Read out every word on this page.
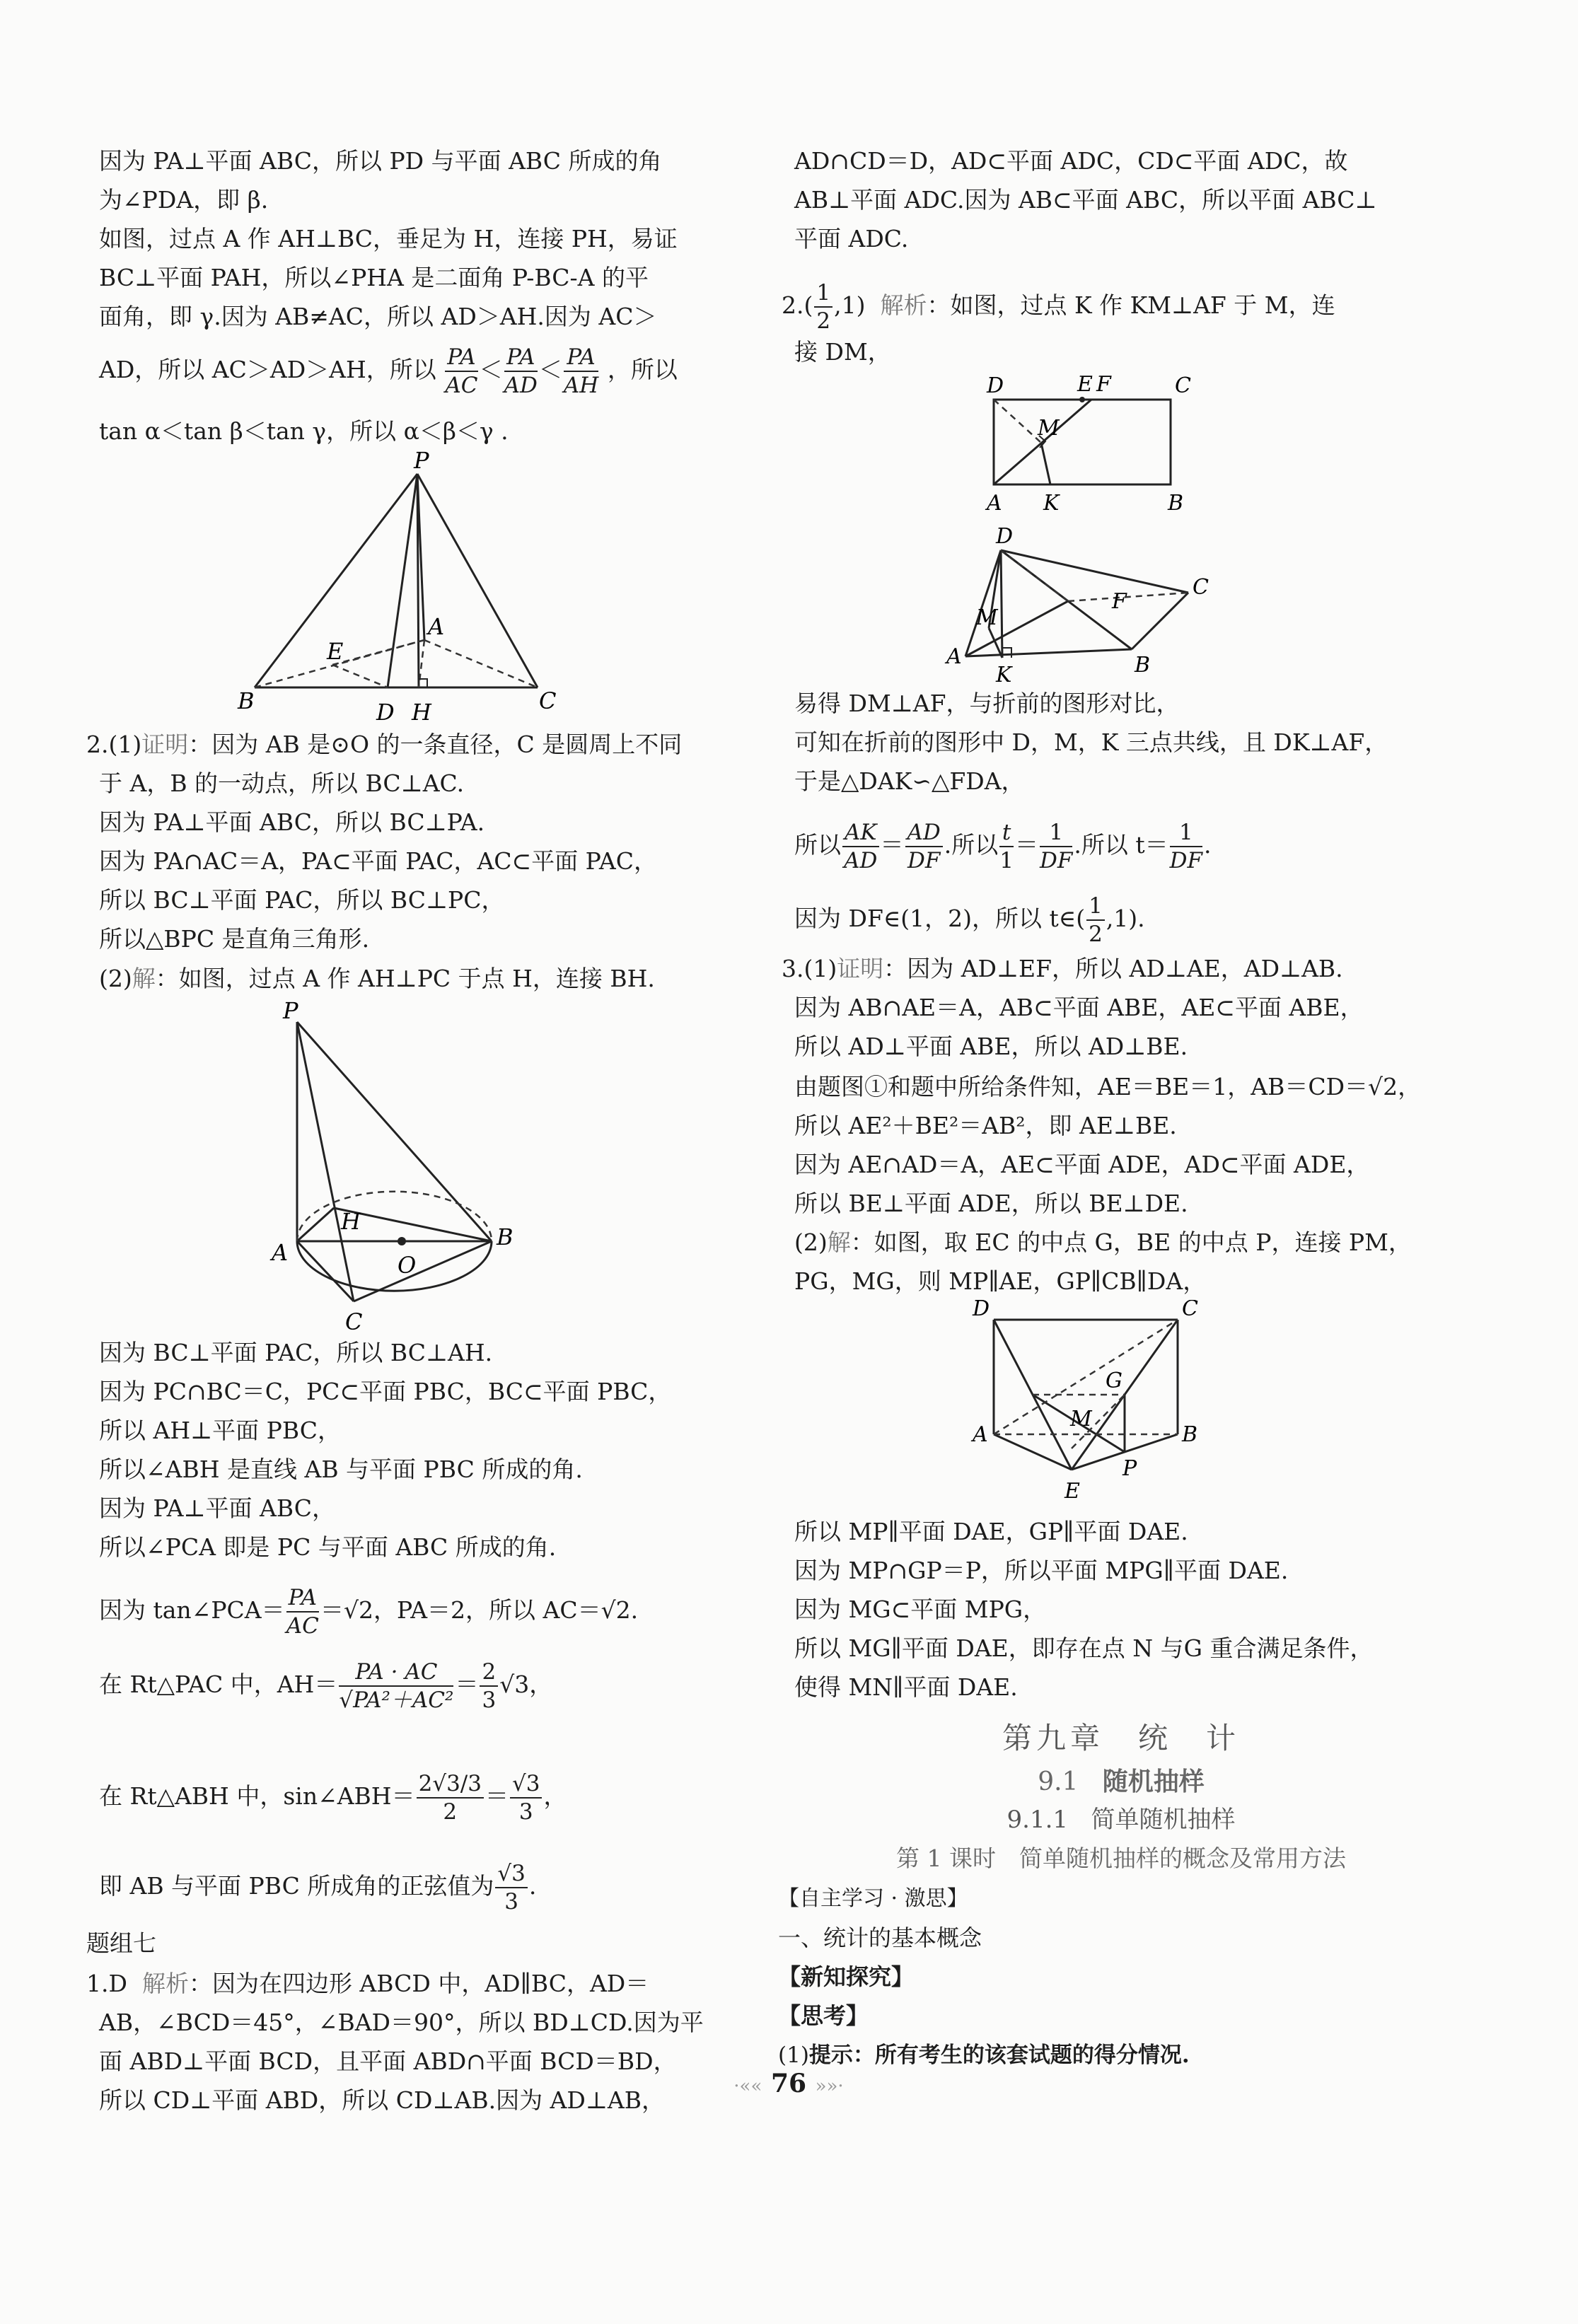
因为 PA⊥平面 ABC，所以 PD 与平面 ABC 所成的角
为∠PDA，即 β.
如图，过点 A 作 AH⊥BC，垂足为 H，连接 PH，易证
BC⊥平面 PAH，所以∠PHA 是二面角 P-BC-A 的平
面角，即 γ.因为 AB≠AC，所以 AD＞AH.因为 AC＞
AD，所以 AC＞AD＞AH，所以 $\frac{PA}{AC} < \frac{PA}{AD} < \frac{PA}{AH}$ ，所以
tan α＜tan β＜tan γ，所以 α＜β＜γ .
P
A
E
B	C
D H
2.(1)证明：因为 AB 是⊙O 的一条直径，C 是圆周上不同
于 A，B 的一动点，所以 BC⊥AC.
因为 PA⊥平面 ABC，所以 BC⊥PA.
因为 PA∩AC＝A，PA⊂平面 PAC，AC⊂平面 PAC，
所以 BC⊥平面 PAC，所以 BC⊥PC，
所以△BPC 是直角三角形.
(2)解：如图，过点 A 作 AH⊥PC 于点 H，连接 BH.
P
H
A	O
B
C
因为 BC⊥平面 PAC，所以 BC⊥AH.
因为 PC∩BC＝C，PC⊂平面 PBC，BC⊂平面 PBC，
所以 AH⊥平面 PBC，
所以∠ABH 是直线 AB 与平面 PBC 所成的角.
因为 PA⊥平面 ABC，
所以∠PCA 即是 PC 与平面 ABC 所成的角.
因为 tan∠PCA＝ $\frac{PA}{AC} =√2$，PA＝2，所以 AC＝√2.
在 Rt△PAC 中，$AH= \frac{PA \cdot AC}{\text{√PA²＋AC²}} = \frac{2}{3} √3$，
在 Rt△ABH 中，sin∠ABH＝ $\frac{2√3/3}{2} = \frac{√3}{3}$ ，
即 AB 与平面 PBC 所成角的正弦值为 $\frac{√3}{3}$ .
题组七
1.D 解析：因为在四边形 ABCD 中，AD∥BC，AD＝
AB，∠BCD＝45°，∠BAD＝90°，所以 BD⊥CD.因为平
面 ABD⊥平面 BCD，且平面 ABD∩平面 BCD＝BD，
所以 CD⊥平面 ABD，所以 CD⊥AB.因为 AD⊥AB，
AD∩CD＝D，AD⊂平面 ADC，CD⊂平面 ADC，故
AB⊥平面 ADC.因为 AB⊂平面 ABC，所以平面 ABC⊥
平面 ADC.
$2.( \frac{1}{2} ,1)$ 解析：如图，过点 K 作 KM⊥AF 于 M，连
接 DM，
D	E F	C
M
A K	B
D
C
F
M
A
K	B
易得 DM⊥AF，与折前的图形对比，
可知在折前的图形中 D，M，K 三点共线，且 DK⊥AF，
于是△DAK∽△FDA，
所以 $\frac{AK}{AD} = \frac{AD}{DF}$ .所以 $\frac{t}{1} = \frac{1}{DF}$ .所以 $t= \frac{1}{DF}$ .
因为 DF∈(1，2)，所以 t∈( $\frac{1}{2} ,1$).
3.(1)证明：因为 AD⊥EF，所以 AD⊥AE，AD⊥AB.
因为 AB∩AE＝A，AB⊂平面 ABE，AE⊂平面 ABE，
所以 AD⊥平面 ABE，所以 AD⊥BE.
由题图①和题中所给条件知，AE＝BE＝1，AB＝CD＝√2，
所以 AE²＋BE²＝AB²，即 AE⊥BE.
因为 AE∩AD＝A，AE⊂平面 ADE，AD⊂平面 ADE，
所以 BE⊥平面 ADE，所以 BE⊥DE.
(2)解：如图，取 EC 的中点 G，BE 的中点 P，连接 PM，
PG，MG，则 MP∥AE，GP∥CB∥DA，
D	C
G
M
A	B
P
E
所以 MP∥平面 DAE，GP∥平面 DAE.
因为 MP∩GP＝P，所以平面 MPG∥平面 DAE.
因为 MG⊂平面 MPG，
所以 MG∥平面 DAE，即存在点 N 与G 重合满足条件，
使得 MN∥平面 DAE.
第九章　统　计
9.1 随机抽样
9.1.1 简单随机抽样
第 1 课时　简单随机抽样的概念及常用方法
【自主学习 · 激思】
一、统计的基本概念
【新知探究】
【思考】
(1)提示：所有考生的该套试题的得分情况.
·«« 76 »»·
